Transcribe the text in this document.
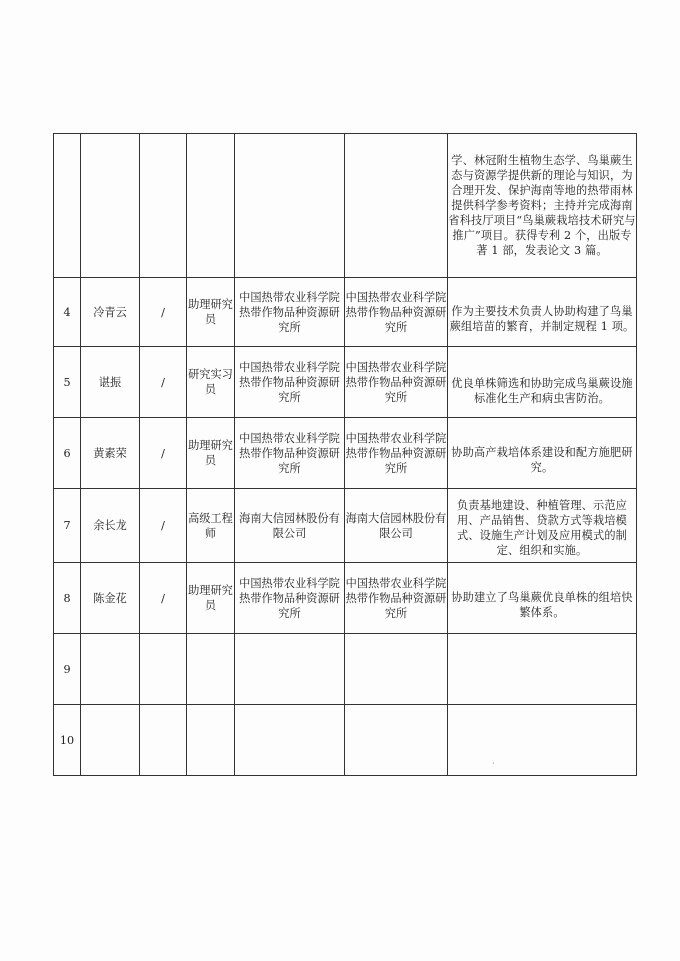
						学、林冠附生植物生态学、鸟巢蕨生态与资源学提供新的理论与知识，为合理开发、保护海南等地的热带雨林提供科学参考资料；主持并完成海南省科技厅项目“鸟巢蕨栽培技术研究与推广”项目。获得专利 2 个，出版专著 1 部，发表论文 3 篇。
4	冷青云	/	助理研究员	中国热带农业科学院热带作物品种资源研究所	中国热带农业科学院热带作物品种资源研究所	作为主要技术负责人协助构建了鸟巢蕨组培苗的繁育，并制定规程 1 项。
5	谌振	/	研究实习员	中国热带农业科学院热带作物品种资源研究所	中国热带农业科学院热带作物品种资源研究所	优良单株筛选和协助完成鸟巢蕨设施标准化生产和病虫害防治。
6	黄素荣	/	助理研究员	中国热带农业科学院热带作物品种资源研究所	中国热带农业科学院热带作物品种资源研究所	协助高产栽培体系建设和配方施肥研究。
7	余长龙	/	高级工程师	海南大信园林股份有限公司	海南大信园林股份有限公司	负责基地建设、种植管理、示范应用、产品销售、贷款方式等栽培模式、设施生产计划及应用模式的制定、组织和实施。
8	陈金花	/	助理研究员	中国热带农业科学院热带作物品种资源研究所	中国热带农业科学院热带作物品种资源研究所	协助建立了鸟巢蕨优良单株的组培快繁体系。
9						
10						
·
